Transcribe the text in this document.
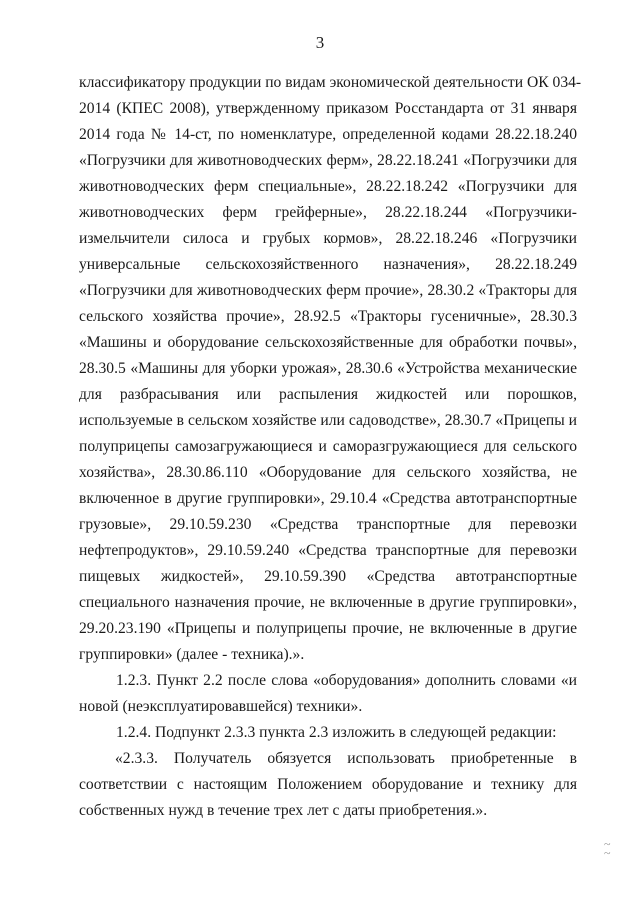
3
классификатору продукции по видам экономической деятельности ОК 034-
2014 (КПЕС 2008), утвержденному приказом Росстандарта от 31 января
2014 года № 14-ст, по номенклатуре, определенной кодами 28.22.18.240
«Погрузчики для животноводческих ферм», 28.22.18.241 «Погрузчики для
животноводческих ферм специальные», 28.22.18.242 «Погрузчики для
животноводческих ферм грейферные», 28.22.18.244 «Погрузчики-
измельчители силоса и грубых кормов», 28.22.18.246 «Погрузчики
универсальные сельскохозяйственного назначения», 28.22.18.249
«Погрузчики для животноводческих ферм прочие», 28.30.2 «Тракторы для
сельского хозяйства прочие», 28.92.5 «Тракторы гусеничные», 28.30.3
«Машины и оборудование сельскохозяйственные для обработки почвы»,
28.30.5 «Машины для уборки урожая», 28.30.6 «Устройства механические
для разбрасывания или распыления жидкостей или порошков,
используемые в сельском хозяйстве или садоводстве», 28.30.7 «Прицепы и
полуприцепы самозагружающиеся и саморазгружающиеся для сельского
хозяйства», 28.30.86.110 «Оборудование для сельского хозяйства, не
включенное в другие группировки», 29.10.4 «Средства автотранспортные
грузовые», 29.10.59.230 «Средства транспортные для перевозки
нефтепродуктов», 29.10.59.240 «Средства транспортные для перевозки
пищевых жидкостей», 29.10.59.390 «Средства автотранспортные
специального назначения прочие, не включенные в другие группировки»,
29.20.23.190 «Прицепы и полуприцепы прочие, не включенные в другие
группировки» (далее - техника).».
1.2.3. Пункт 2.2 после слова «оборудования» дополнить словами «и
новой (неэксплуатировавшейся) техники».
1.2.4. Подпункт 2.3.3 пункта 2.3 изложить в следующей редакции:
«2.3.3. Получатель обязуется использовать приобретенные в
соответствии с настоящим Положением оборудование и технику для
собственных нужд в течение трех лет с даты приобретения.».
~ ~
